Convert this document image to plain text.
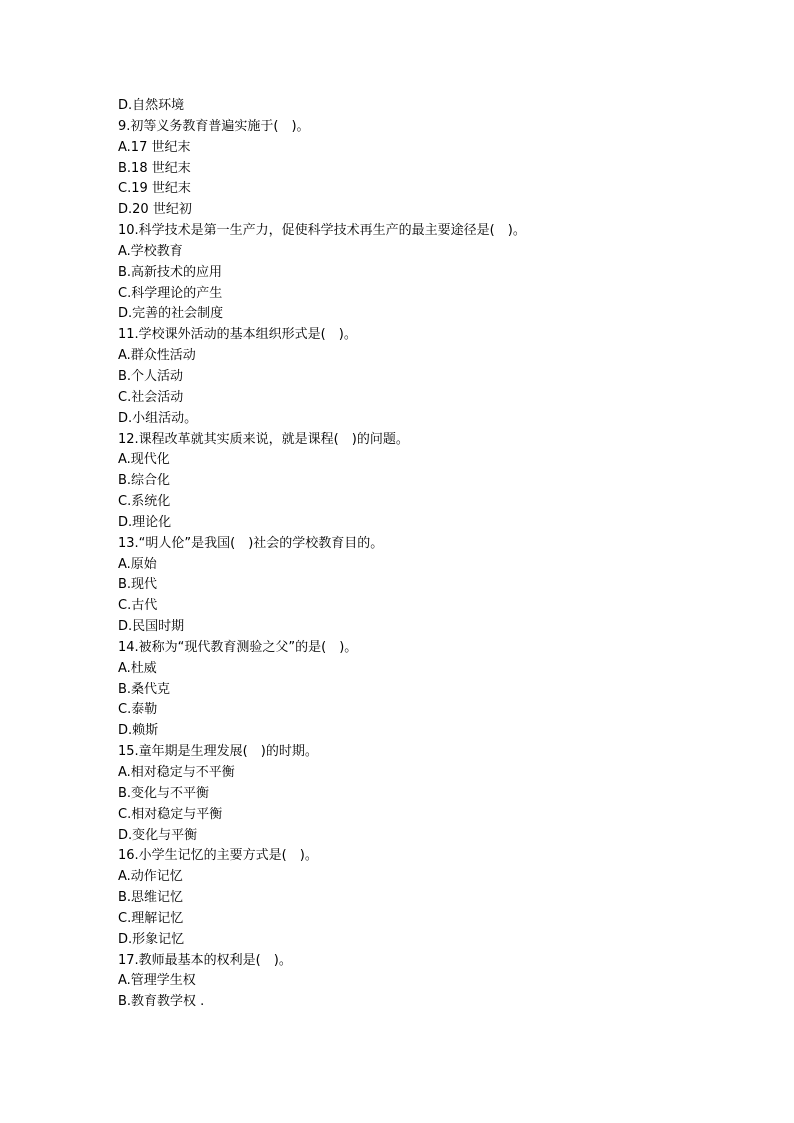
D.自然环境
9.初等义务教育普遍实施于(　)。
A.17 世纪末
B.18 世纪末
C.19 世纪末
D.20 世纪初
10.科学技术是第一生产力，促使科学技术再生产的最主要途径是(　)。
A.学校教育
B.高新技术的应用
C.科学理论的产生
D.完善的社会制度
11.学校课外活动的基本组织形式是(　)。
A.群众性活动
B.个人活动
C.社会活动
D.小组活动。
12.课程改革就其实质来说，就是课程(　)的问题。
A.现代化
B.综合化
C.系统化
D.理论化
13.“明人伦”是我国(　)社会的学校教育目的。
A.原始
B.现代
C.古代
D.民国时期
14.被称为“现代教育测验之父”的是(　)。
A.杜威
B.桑代克
C.泰勒
D.赖斯
15.童年期是生理发展(　)的时期。
A.相对稳定与不平衡
B.变化与不平衡
C.相对稳定与平衡
D.变化与平衡
16.小学生记忆的主要方式是(　)。
A.动作记忆
B.思维记忆
C.理解记忆
D.形象记忆
17.教师最基本的权利是(　)。
A.管理学生权
B.教育教学权 .
